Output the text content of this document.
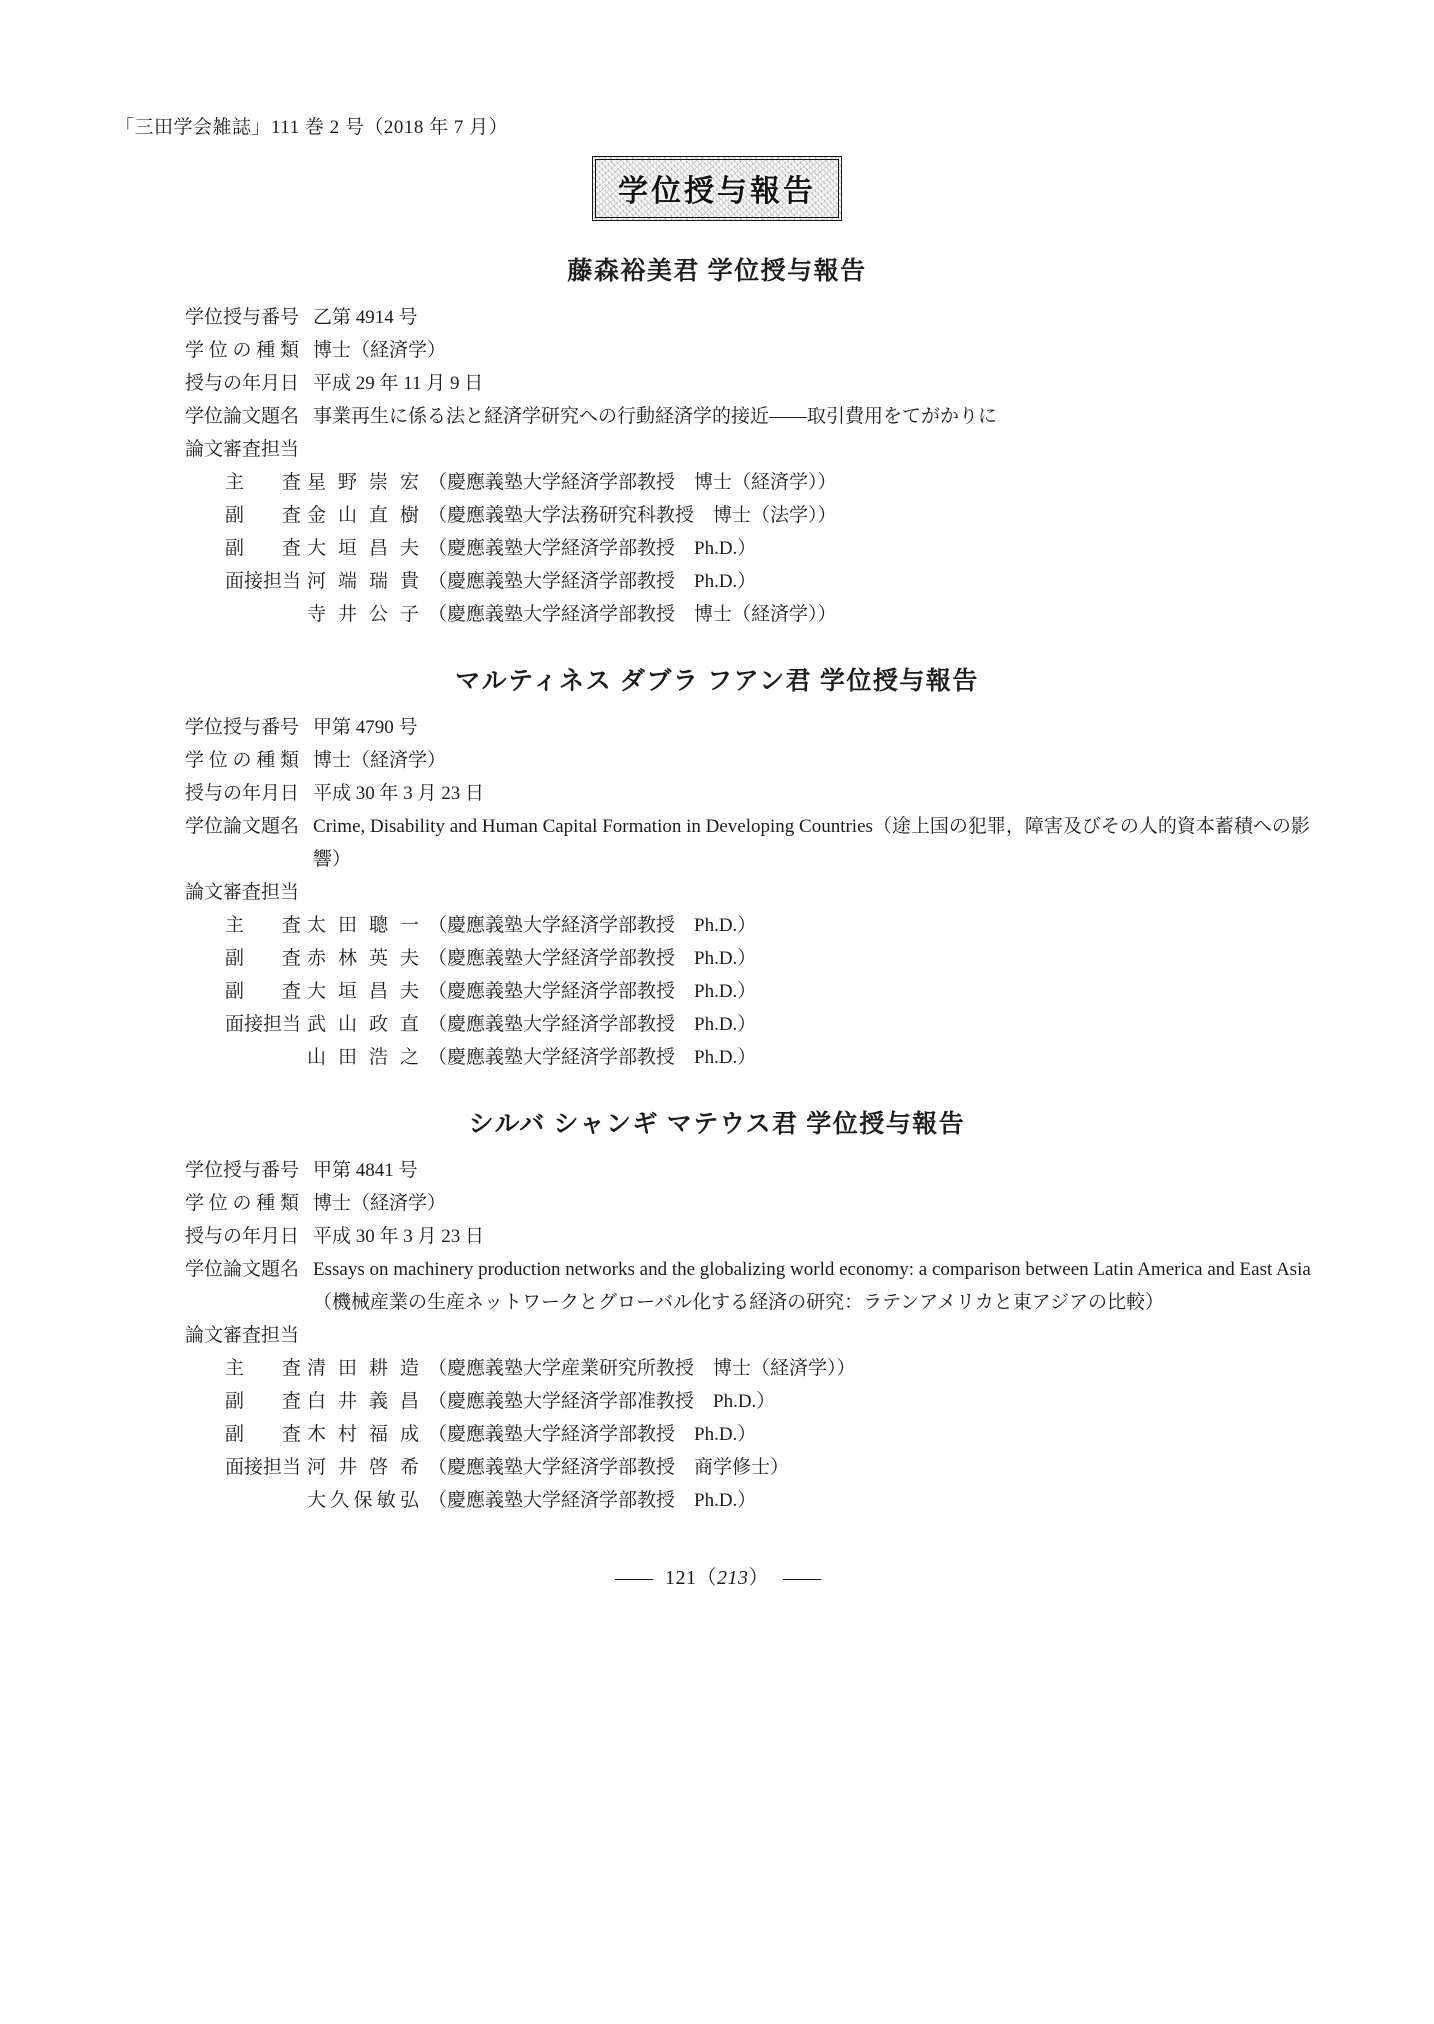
「三田学会雑誌」111 巻 2 号（2018 年 7 月）
学位授与報告
藤森裕美君 学位授与報告
学位授与番号 乙第 4914 号
学位の種類 博士（経済学）
授与の年月日 平成 29 年 11 月 9 日
学位論文題名 事業再生に係る法と経済学研究への行動経済学的接近――取引費用をてがかりに
論文審査担当
主査 星野崇宏 （慶應義塾大学経済学部教授　博士（経済学））
副査 金山直樹 （慶應義塾大学法務研究科教授　博士（法学））
副査 大垣昌夫 （慶應義塾大学経済学部教授　Ph.D.）
面接担当 河端瑞貴 （慶應義塾大学経済学部教授　Ph.D.）
寺井公子 （慶應義塾大学経済学部教授　博士（経済学））
マルティネス ダブラ フアン君 学位授与報告
学位授与番号 甲第 4790 号
学位の種類 博士（経済学）
授与の年月日 平成 30 年 3 月 23 日
学位論文題名 Crime, Disability and Human Capital Formation in Developing Countries（途上国の犯罪，障害及びその人的資本蓄積への影響）
論文審査担当
主査 太田聰一 （慶應義塾大学経済学部教授　Ph.D.）
副査 赤林英夫 （慶應義塾大学経済学部教授　Ph.D.）
副査 大垣昌夫 （慶應義塾大学経済学部教授　Ph.D.）
面接担当 武山政直 （慶應義塾大学経済学部教授　Ph.D.）
山田浩之 （慶應義塾大学経済学部教授　Ph.D.）
シルバ シャンギ マテウス君 学位授与報告
学位授与番号 甲第 4841 号
学位の種類 博士（経済学）
授与の年月日 平成 30 年 3 月 23 日
学位論文題名 Essays on machinery production networks and the globalizing world economy: a comparison between Latin America and East Asia（機械産業の生産ネットワークとグローバル化する経済の研究：ラテンアメリカと東アジアの比較）
論文審査担当
主査 清田耕造 （慶應義塾大学産業研究所教授　博士（経済学））
副査 白井義昌 （慶應義塾大学経済学部准教授　Ph.D.）
副査 木村福成 （慶應義塾大学経済学部教授　Ph.D.）
面接担当 河井啓希 （慶應義塾大学経済学部教授　商学修士）
大久保敏弘 （慶應義塾大学経済学部教授　Ph.D.）
―― 121（213） ――
